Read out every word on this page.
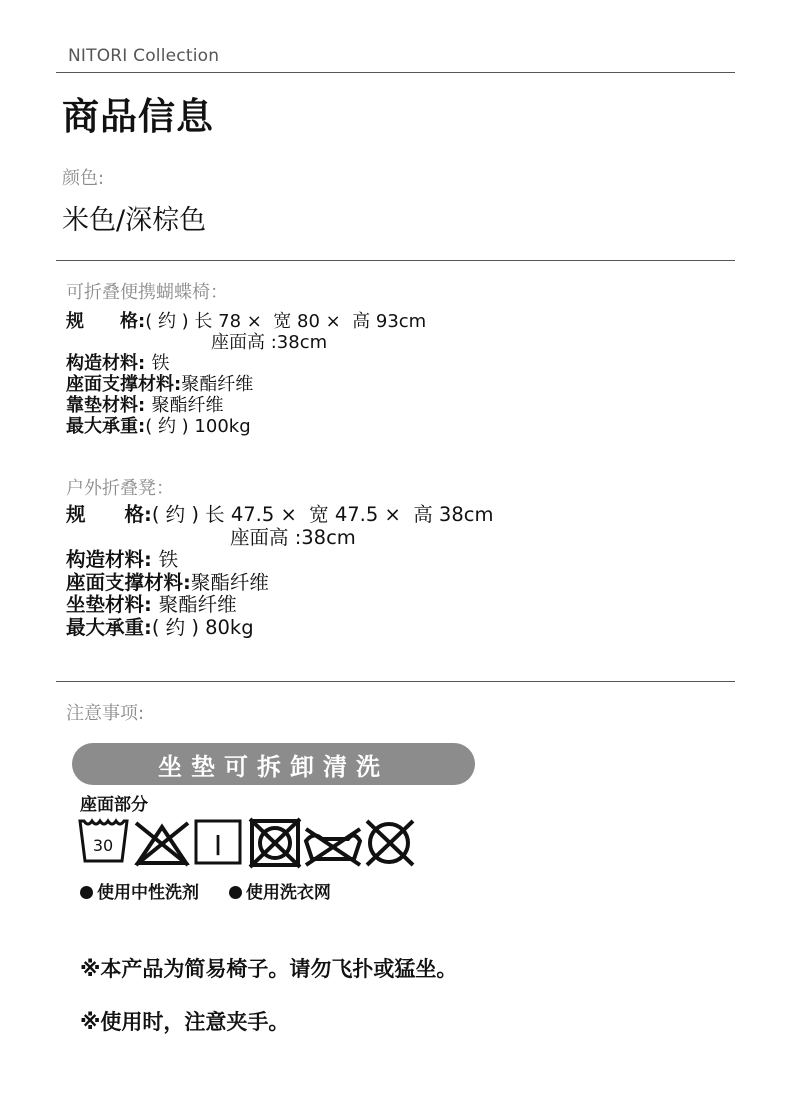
NITORI Collection
商品信息
颜色:
米色/深棕色
可折叠便携蝴蝶椅：
规　　格:( 约 ) 长 78 ×  宽 80 ×  高 93cm
座面高 :38cm
构造材料: 铁
座面支撑材料:聚酯纤维
靠垫材料: 聚酯纤维
最大承重:( 约 ) 100kg
户外折叠凳：
规　　格:( 约 ) 长 47.5 ×  宽 47.5 ×  高 38cm
座面高 :38cm
构造材料: 铁
座面支撑材料:聚酯纤维
坐垫材料: 聚酯纤维
最大承重:( 约 ) 80kg
注意事项:
坐垫可拆卸清洗
座面部分
30	I
使用中性洗剂	使用洗衣网
※本产品为简易椅子。请勿飞扑或猛坐。
※使用时，注意夹手。
